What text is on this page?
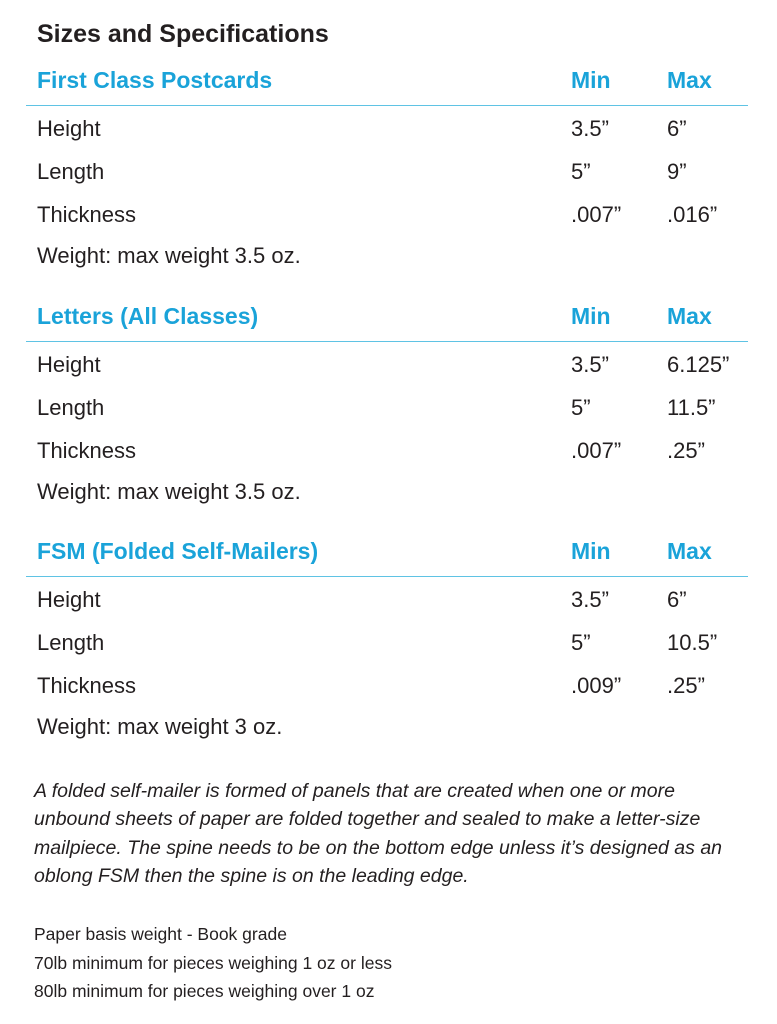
Sizes and Specifications
First Class Postcards	Min Max
Height	3.5”	6”
Length	5”	9”
Thickness	.007” .016”
Weight: max weight 3.5 oz.
Letters (All Classes)	Min Max
Height	3.5”	6.125”
Length	5”	11.5”
Thickness	.007” .25”
Weight: max weight 3.5 oz.
FSM (Folded Self-Mailers)	Min Max
Height	3.5”	6”
Length	5”	10.5”
Thickness	.009” .25”
Weight: max weight 3 oz.
A folded self-mailer is formed of panels that are created when one or more unbound sheets of paper are folded together and sealed to make a letter-size mailpiece. The spine needs to be on the bottom edge unless it’s designed as an oblong FSM then the spine is on the leading edge.
Paper basis weight - Book grade
70lb minimum for pieces weighing 1 oz or less
80lb minimum for pieces weighing over 1 oz
